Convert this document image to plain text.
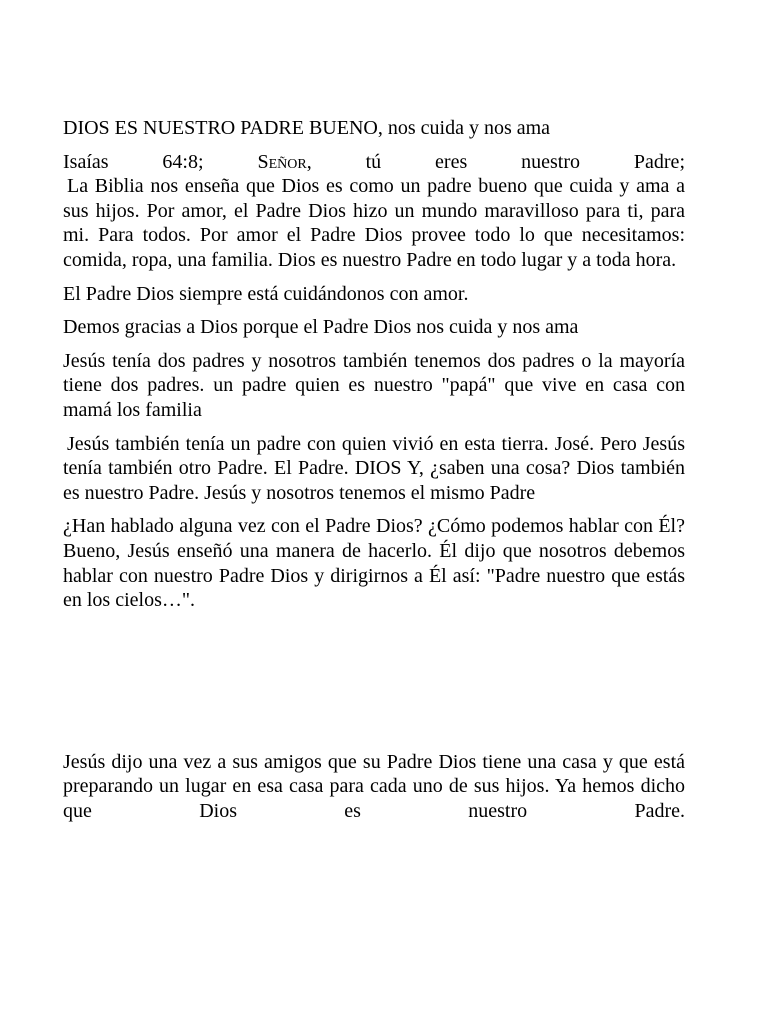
DIOS ES NUESTRO PADRE BUENO, nos cuida y nos ama

Isaías 64:8; Señor, tú eres nuestro Padre;

La Biblia nos enseña que Dios es como un padre bueno que cuida y ama a sus hijos. Por amor, el Padre Dios hizo un mundo maravilloso para ti, para mi. Para todos. Por amor el Padre Dios provee todo lo que necesitamos: comida, ropa, una familia. Dios es nuestro Padre en todo lugar y a toda hora.

El Padre Dios siempre está cuidándonos con amor.

Demos gracias a Dios porque el Padre Dios nos cuida y nos ama

Jesús tenía dos padres y nosotros también tenemos dos padres o la mayoría tiene dos padres. un padre quien es nuestro "papá" que vive en casa con mamá los familia

Jesús también tenía un padre con quien vivió en esta tierra. José. Pero Jesús tenía también otro Padre. El Padre. DIOS Y, ¿saben una cosa? Dios también es nuestro Padre. Jesús y nosotros tenemos el mismo Padre

¿Han hablado alguna vez con el Padre Dios? ¿Cómo podemos hablar con Él? Bueno, Jesús enseñó una manera de hacerlo. Él dijo que nosotros debemos hablar con nuestro Padre Dios y dirigirnos a Él así: "Padre nuestro que estás en los cielos…".

Jesús dijo una vez a sus amigos que su Padre Dios tiene una casa y que está preparando un lugar en esa casa para cada uno de sus hijos. Ya hemos dicho que Dios es nuestro Padre.
